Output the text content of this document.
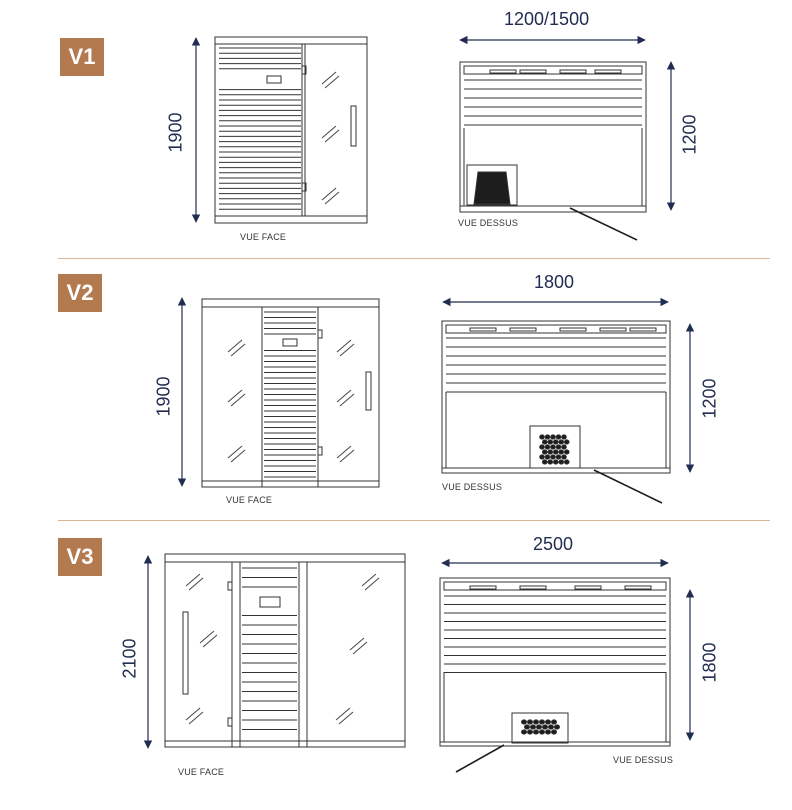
V1
V2
V3
1900
1200/1500
1200
1900
1800
1200
2100
2500
1800
VUE FACE
VUE DESSUS
VUE FACE
VUE DESSUS
VUE FACE
VUE DESSUS
